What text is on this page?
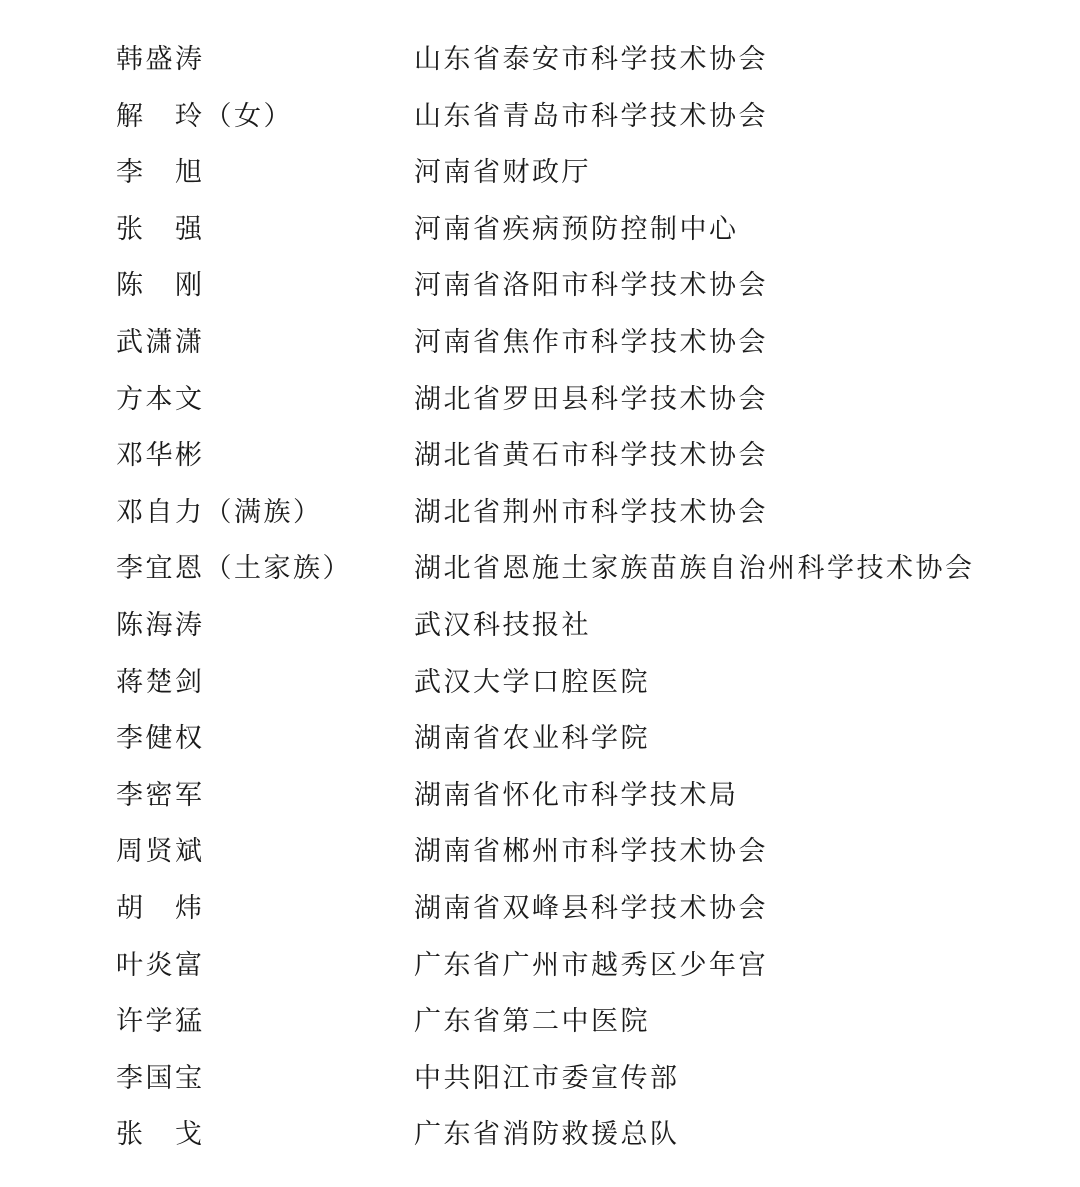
韩盛涛	山东省泰安市科学技术协会
解　玲（女）	山东省青岛市科学技术协会
李　旭	河南省财政厅
张　强	河南省疾病预防控制中心
陈　刚	河南省洛阳市科学技术协会
武潇潇	河南省焦作市科学技术协会
方本文	湖北省罗田县科学技术协会
邓华彬	湖北省黄石市科学技术协会
邓自力（满族）	湖北省荆州市科学技术协会
李宜恩（土家族） 湖北省恩施土家族苗族自治州科学技术协会
陈海涛	武汉科技报社
蒋楚剑	武汉大学口腔医院
李健权	湖南省农业科学院
李密军	湖南省怀化市科学技术局
周贤斌	湖南省郴州市科学技术协会
胡　炜	湖南省双峰县科学技术协会
叶炎富	广东省广州市越秀区少年宫
许学猛	广东省第二中医院
李国宝	中共阳江市委宣传部
张　戈	广东省消防救援总队
